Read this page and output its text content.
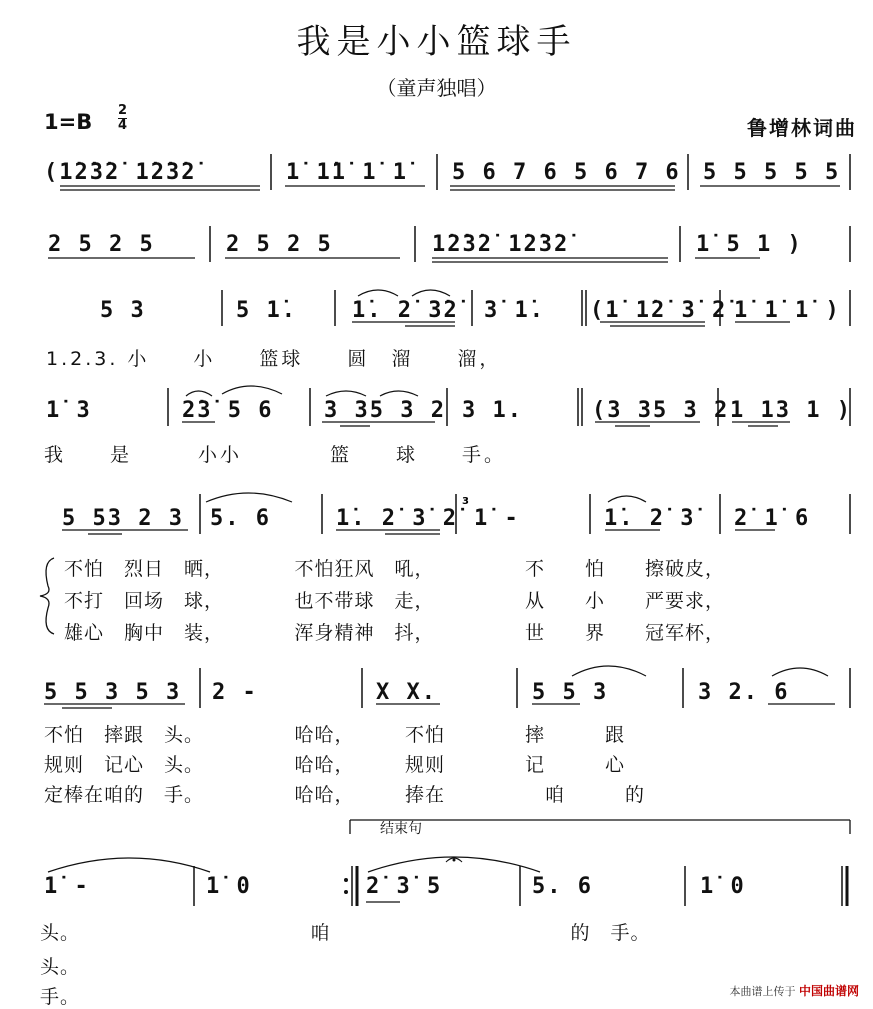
我是小小篮球手
（童声独唱）
1=B 2
4	鲁增林词曲
(1̇2̇3̇2̇ 1̇2̇3̇2̇	1̇ 1̇1̇ 1̇ 1̇ 5 6 7 6 5 6 7 6 5 5 5 5 5
2 5 2 5	2 5 2 5	1̇2̇3̇2̇ 1̇2̇3̇2̇	1̇ 5 1 )
5 3	5 1̇.	1̇. 2̇ 3̇2̇ 3̇ 1̇. (1̇ 1̇2̇ 3̇ 2̇ 1̇ 1̇ 1̇ )
1.2.3. 小　　小　　篮球　　圆　溜　　溜，
1̇ 3	2̇3̇ 5 6 3 35 3 2 3 1.	(3 35 3 2 1 13 1 )
我　　是　　　小小　　　　篮　　球　　手。
3
5 53 2 3 5. 6	1̇. 2̇ 3̇ 2̇ 1̇ -	1̇. 2̇ 3̇ 2̇ 1̇ 6
不怕　烈日　晒，　　　　不怕狂风　吼，　　　　　不　　怕　　擦破皮，
不打　回场　球，　　　　也不带球　走，　　　　　从　　小　　严要求，
雄心　胸中　装，　　　　浑身精神　抖，　　　　　世　　界　　冠军杯，
5 5 3 5 3 2 -	X X.	5 5 3	3 2. 6
不怕　摔跟　头。　　　　　哈哈，　　　不怕　　　　摔　　　跟
规则　记心　头。　　　　　哈哈，　　　规则　　　　记　　　心
定棒在咱的　手。　　　　　哈哈，　　　捧在　　　　　咱　　　的
结束句
1̇ -	1̇ 0	2̇ 3̇ 5	5. 6	1̇ 0
头。　　　　　　　　　　　　咱　　　　　　　　　　　　的　手。
头。
手。	本曲谱上传于 中国曲谱网
